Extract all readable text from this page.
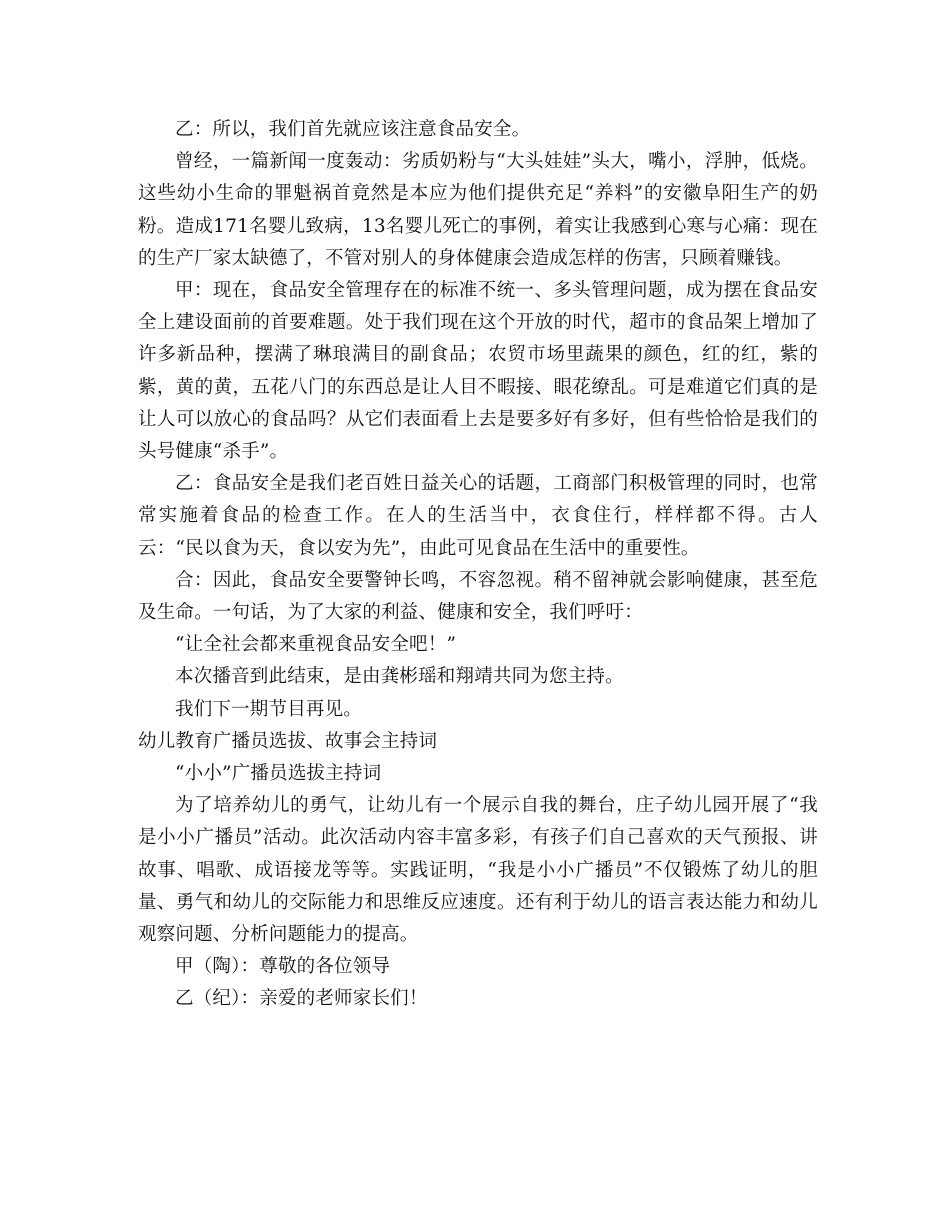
乙：所以，我们首先就应该注意食品安全。

曾经，一篇新闻一度轰动：劣质奶粉与“大头娃娃”头大，嘴小，浮肿，低烧。这些幼小生命的罪魁祸首竟然是本应为他们提供充足“养料”的安徽阜阳生产的奶粉。造成171名婴儿致病，13名婴儿死亡的事例，着实让我感到心寒与心痛：现在的生产厂家太缺德了，不管对别人的身体健康会造成怎样的伤害，只顾着赚钱。

甲：现在，食品安全管理存在的标准不统一、多头管理问题，成为摆在食品安全上建设面前的首要难题。处于我们现在这个开放的时代，超市的食品架上增加了许多新品种，摆满了琳琅满目的副食品；农贸市场里蔬果的颜色，红的红，紫的紫，黄的黄，五花八门的东西总是让人目不暇接、眼花缭乱。可是难道它们真的是让人可以放心的食品吗？从它们表面看上去是要多好有多好，但有些恰恰是我们的头号健康“杀手”。

乙：食品安全是我们老百姓日益关心的话题，工商部门积极管理的同时，也常常实施着食品的检查工作。在人的生活当中，衣食住行，样样都不得。古人云：“民以食为天，食以安为先”，由此可见食品在生活中的重要性。

合：因此，食品安全要警钟长鸣，不容忽视。稍不留神就会影响健康，甚至危及生命。一句话，为了大家的利益、健康和安全，我们呼吁：

“让全社会都来重视食品安全吧！”

本次播音到此结束，是由龚彬瑶和翔靖共同为您主持。

我们下一期节目再见。

幼儿教育广播员选拔、故事会主持词

“小小”广播员选拔主持词

为了培养幼儿的勇气，让幼儿有一个展示自我的舞台，庄子幼儿园开展了“我是小小广播员”活动。此次活动内容丰富多彩，有孩子们自己喜欢的天气预报、讲故事、唱歌、成语接龙等等。实践证明，“我是小小广播员”不仅锻炼了幼儿的胆量、勇气和幼儿的交际能力和思维反应速度。还有利于幼儿的语言表达能力和幼儿观察问题、分析问题能力的提高。

甲（陶）：尊敬的各位领导

乙（纪）：亲爱的老师家长们！
